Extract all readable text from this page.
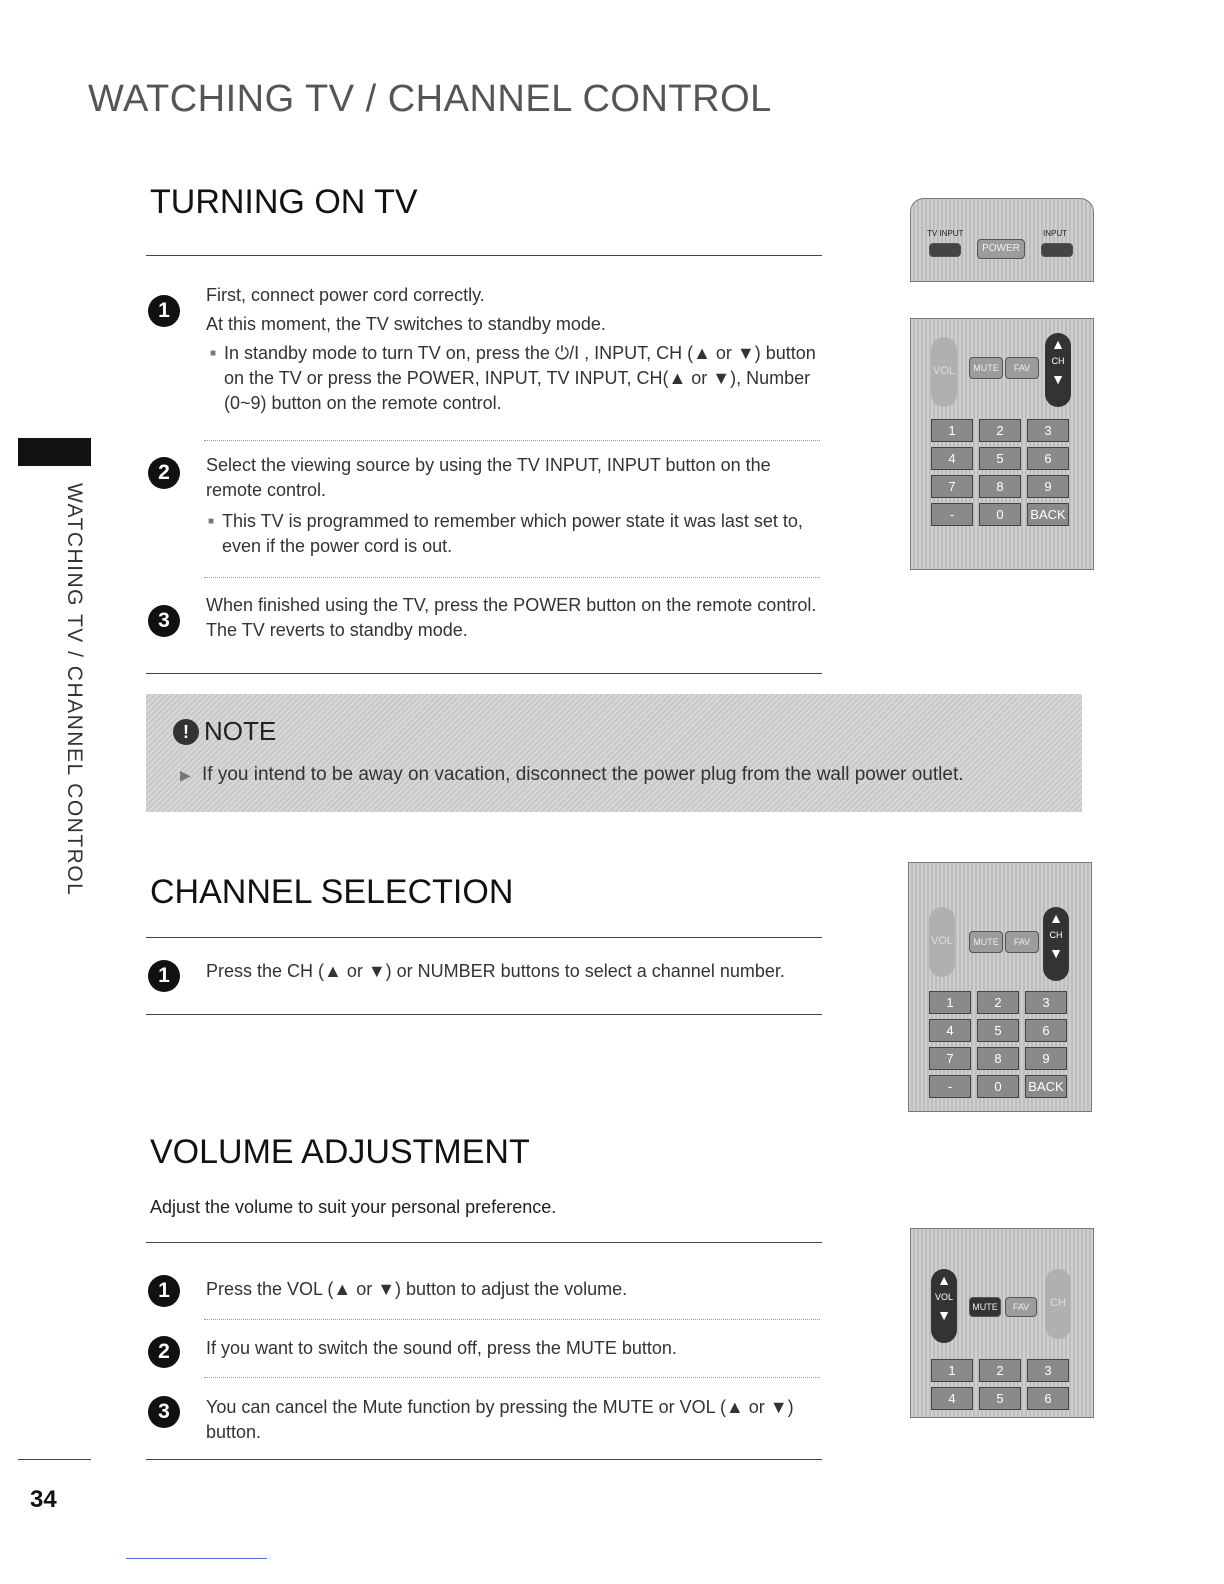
WATCHING TV / CHANNEL CONTROL
WATCHING TV / CHANNEL CONTROL
TURNING ON TV
1
First, connect power cord correctly.
At this moment, the TV switches to standby mode.
■ In standby mode to turn TV on, press the ⏻/I , INPUT, CH (▲ or ▼) button on the TV or press the POWER, INPUT, TV INPUT, CH(▲ or ▼), Number (0~9) button on the remote control.
2	Select the viewing source by using the TV INPUT, INPUT button on the remote control.
■ This TV is programmed to remember which power state it was last set to, even if the power cord is out.
3
When finished using the TV, press the POWER button on the remote control. The TV reverts to standby mode.
! NOTE
▶ If you intend to be away on vacation, disconnect the power plug from the wall power outlet.
CHANNEL SELECTION
1	Press the CH (▲ or ▼) or NUMBER buttons to select a channel number.
VOLUME ADJUSTMENT
Adjust the volume to suit your personal preference.
1	Press the VOL (▲ or ▼) button to adjust the volume.
2	If you want to switch the sound off, press the MUTE button.
3	You can cancel the Mute function by pressing the MUTE or VOL (▲ or ▼) button.
TV INPUT	INPUT
POWER
VOL	MUTE	FAV
▲
CH
▼
1	2	3
4	5	6
7	8	9
-	0	BACK
VOL	MUTE	FAV
▲
CH
▼
1	2	3
4	5	6
7	8	9
-	0	BACK
▲
VOL
▼	MUTE	FAV	CH
1	2	3
4	5	6
34
